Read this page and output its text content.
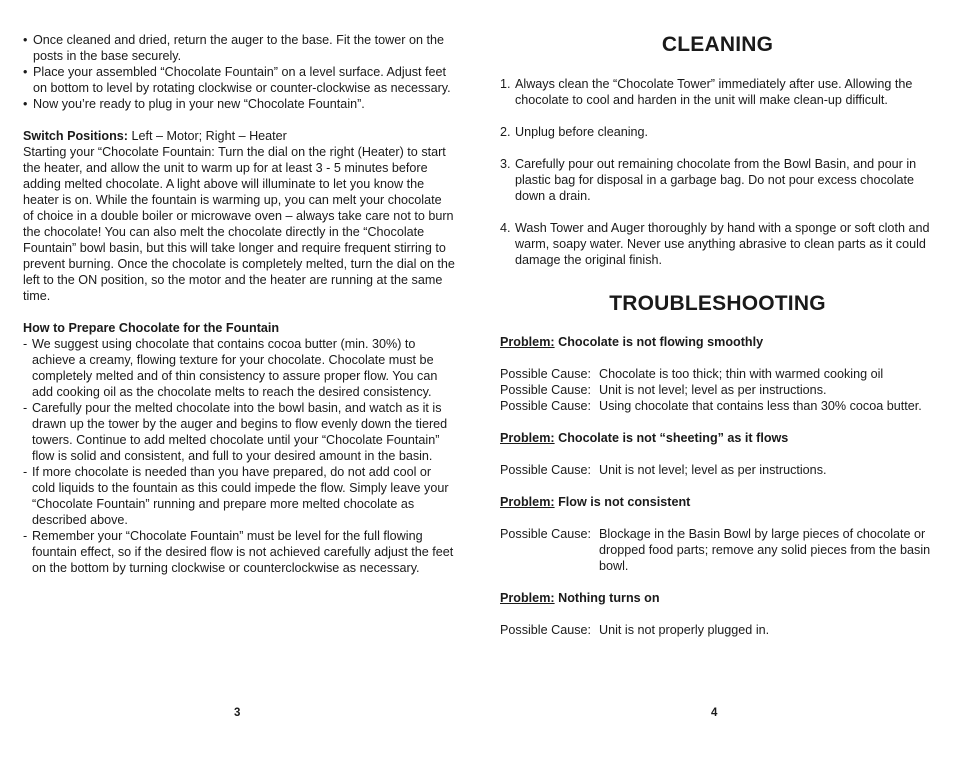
• Once cleaned and dried, return the auger to the base. Fit the tower on the posts in the base securely.

• Place your assembled “Chocolate Fountain” on a level surface. Adjust feet on bottom to level by rotating clockwise or counter-clockwise as necessary.

• Now you’re ready to plug in your new “Chocolate Fountain”.

Switch Positions: Left – Motor; Right – Heater

Starting your “Chocolate Fountain: Turn the dial on the right (Heater) to start the heater, and allow the unit to warm up for at least 3 - 5 minutes before adding melted chocolate. A light above will illuminate to let you know the heater is on. While the fountain is warming up, you can melt your chocolate of choice in a double boiler or microwave oven – always take care not to burn the chocolate! You can also melt the chocolate directly in the “Chocolate Fountain” bowl basin, but this will take longer and require frequent stirring to prevent burning. Once the chocolate is completely melted, turn the dial on the left to the ON position, so the motor and the heater are running at the same time.

How to Prepare Chocolate for the Fountain

- We suggest using chocolate that contains cocoa butter (min. 30%) to achieve a creamy, flowing texture for your chocolate. Chocolate must be completely melted and of thin consistency to assure proper flow. You can add cooking oil as the chocolate melts to reach the desired consistency.

- Carefully pour the melted chocolate into the bowl basin, and watch as it is drawn up the tower by the auger and begins to flow evenly down the tiered towers. Continue to add melted chocolate until your “Chocolate Fountain” flow is solid and consistent, and full to your desired amount in the basin.

- If more chocolate is needed than you have prepared, do not add cool or cold liquids to the fountain as this could impede the flow. Simply leave your “Chocolate Fountain” running and prepare more melted chocolate as described above.

- Remember your “Chocolate Fountain” must be level for the full flowing fountain effect, so if the desired flow is not achieved carefully adjust the feet on the bottom by turning clockwise or counterclockwise as necessary.

3
CLEANING
1. Always clean the “Chocolate Tower” immediately after use. Allowing the chocolate to cool and harden in the unit will make clean-up difficult.

2. Unplug before cleaning.

3. Carefully pour out remaining chocolate from the Bowl Basin, and pour in plastic bag for disposal in a garbage bag. Do not pour excess chocolate down a drain.

4. Wash Tower and Auger thoroughly by hand with a sponge or soft cloth and warm, soapy water. Never use anything abrasive to clean parts as it could damage the original finish.

TROUBLESHOOTING

Problem: Chocolate is not flowing smoothly

Possible Cause: Chocolate is too thick; thin with warmed cooking oil

Possible Cause: Unit is not level; level as per instructions.

Possible Cause: Using chocolate that contains less than 30% cocoa butter.

Problem: Chocolate is not “sheeting” as it flows

Possible Cause: Unit is not level; level as per instructions.

Problem: Flow is not consistent

Possible Cause: Blockage in the Basin Bowl by large pieces of chocolate or dropped food parts; remove any solid pieces from the basin bowl.

Problem: Nothing turns on

Possible Cause: Unit is not properly plugged in.

4
